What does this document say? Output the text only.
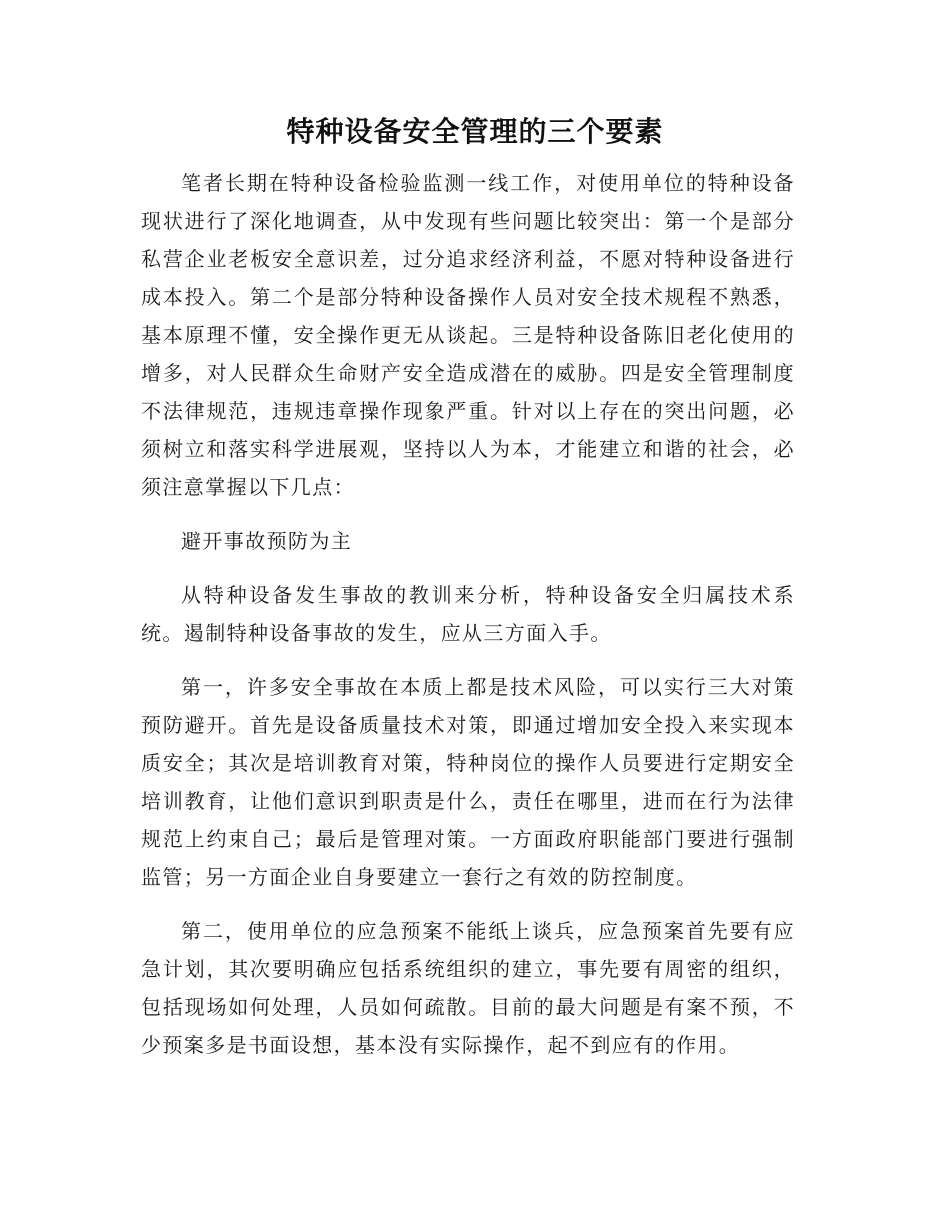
特种设备安全管理的三个要素

笔者长期在特种设备检验监测一线工作，对使用单位的特种设备现状进行了深化地调查，从中发现有些问题比较突出：第一个是部分私营企业老板安全意识差，过分追求经济利益，不愿对特种设备进行成本投入。第二个是部分特种设备操作人员对安全技术规程不熟悉，基本原理不懂，安全操作更无从谈起。三是特种设备陈旧老化使用的增多，对人民群众生命财产安全造成潜在的威胁。四是安全管理制度不法律规范，违规违章操作现象严重。针对以上存在的突出问题，必须树立和落实科学进展观，坚持以人为本，才能建立和谐的社会，必须注意掌握以下几点：

避开事故预防为主

从特种设备发生事故的教训来分析，特种设备安全归属技术系统。遏制特种设备事故的发生，应从三方面入手。

第一，许多安全事故在本质上都是技术风险，可以实行三大对策预防避开。首先是设备质量技术对策，即通过增加安全投入来实现本质安全；其次是培训教育对策，特种岗位的操作人员要进行定期安全培训教育，让他们意识到职责是什么，责任在哪里，进而在行为法律规范上约束自己；最后是管理对策。一方面政府职能部门要进行强制监管；另一方面企业自身要建立一套行之有效的防控制度。

第二，使用单位的应急预案不能纸上谈兵，应急预案首先要有应急计划，其次要明确应包括系统组织的建立，事先要有周密的组织，包括现场如何处理，人员如何疏散。目前的最大问题是有案不预，不少预案多是书面设想，基本没有实际操作，起不到应有的作用。
